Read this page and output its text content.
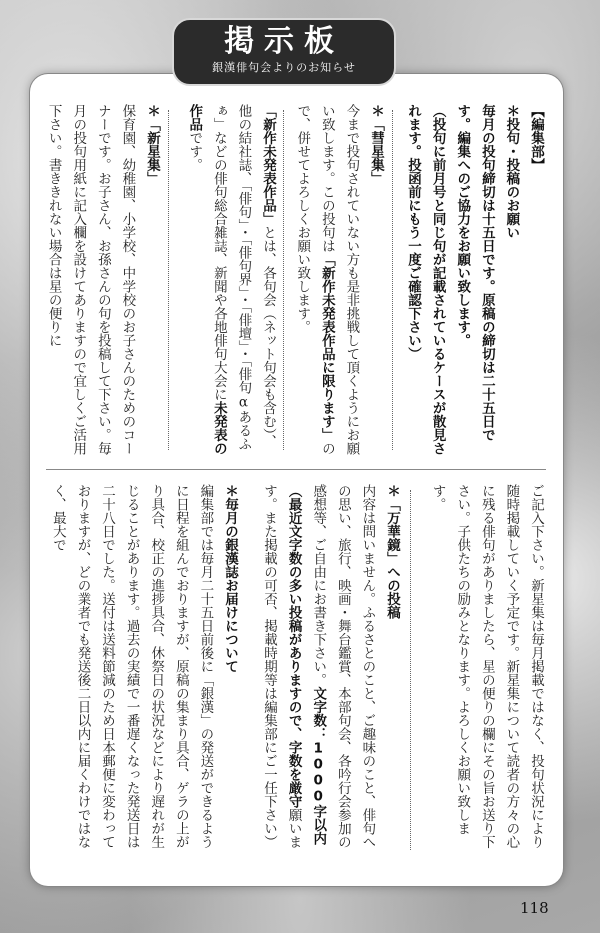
掲示板
銀漢俳句会よりのお知らせ

【編集部】

＊投句・投稿のお願い

毎月の投句締切は十五日です。原稿の締切は二十五日です。編集へのご協力をお願い致します。

（投句に前月号と同じ句が記載されているケースが散見されます。投函前にもう一度ご確認下さい）

＊「彗星集」

今まで投句されていない方も是非挑戦して頂くようにお願い致します。この投句は「新作未発表作品に限ります」ので、併せてよろしくお願い致します。

「新作未発表作品」とは、各句会（ネット句会も含む）、他の結社誌、「俳句」・「俳句界」・「俳壇」・「俳句αあるふぁ」などの俳句総合雑誌、新聞や各地俳句大会に未発表の作品です。

＊「新星集」

保育園、幼稚園、小学校、中学校のお子さんのためのコーナーです。お子さん、お孫さんの句を投稿して下さい。毎月の投句用紙に記入欄を設けてありますので宜しくご活用下さい。書ききれない場合は星の便りに

ご記入下さい。新星集は毎月掲載ではなく、投句状況により随時掲載していく予定です。新星集について読者の方々の心に残る俳句がありましたら、星の便りの欄にその旨お送り下さい。子供たちの励みとなります。よろしくお願い致します。

＊「万華鏡」への投稿

内容は問いません。ふるさとのこと、ご趣味のこと、俳句への思い、旅行、映画・舞台鑑賞、本部句会、各吟行会参加の感想等、ご自由にお書き下さい。文字数：1000字以内（最近文字数の多い投稿がありますので、字数を厳守願います。また掲載の可否、掲載時期等は編集部にご一任下さい）

＊毎月の銀漢誌お届けについて

編集部では毎月二十五日前後に「銀漢」の発送ができるように日程を組んでおりますが、原稿の集まり具合、ゲラの上がり具合、校正の進捗具合、休祭日の状況などにより遅れが生じることがあります。過去の実績で一番遅くなった発送日は二十八日でした。送付は送料節減のため日本郵便に変わっておりますが、どの業者でも発送後二日以内に届くわけではなく、最大で

118
